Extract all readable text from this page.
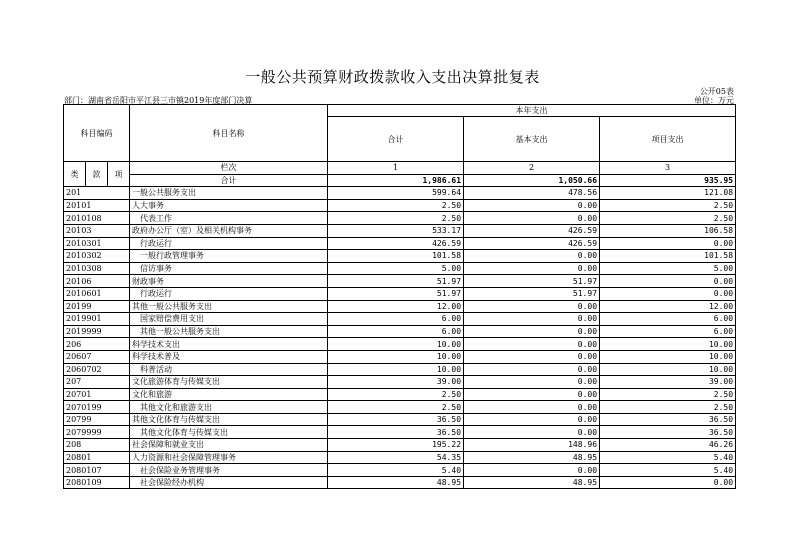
一般公共预算财政拨款收入支出决算批复表
公开05表
部门：湖南省岳阳市平江县三市镇2019年度部门决算	单位：万元
科目编码			科目名称	本年支出		
				合计	基本支出	项目支出
类	款	项	栏次	1	2	3
			合计	1,986.61	1,050.66	935.95
201			一般公共服务支出	599.64	478.56	121.08
20101			人大事务	2.50	0.00	2.50
2010108			代表工作	2.50	0.00	2.50
20103			政府办公厅（室）及相关机构事务	533.17	426.59	106.58
2010301			行政运行	426.59	426.59	0.00
2010302			一般行政管理事务	101.58	0.00	101.58
2010308			信访事务	5.00	0.00	5.00
20106			财政事务	51.97	51.97	0.00
2010601			行政运行	51.97	51.97	0.00
20199			其他一般公共服务支出	12.00	0.00	12.00
2019901			国家赔偿费用支出	6.00	0.00	6.00
2019999			其他一般公共服务支出	6.00	0.00	6.00
206			科学技术支出	10.00	0.00	10.00
20607			科学技术普及	10.00	0.00	10.00
2060702			科普活动	10.00	0.00	10.00
207			文化旅游体育与传媒支出	39.00	0.00	39.00
20701			文化和旅游	2.50	0.00	2.50
2070199			其他文化和旅游支出	2.50	0.00	2.50
20799			其他文化体育与传媒支出	36.50	0.00	36.50
2079999			其他文化体育与传媒支出	36.50	0.00	36.50
208			社会保障和就业支出	195.22	148.96	46.26
20801			人力资源和社会保障管理事务	54.35	48.95	5.40
2080107			社会保险业务管理事务	5.40	0.00	5.40
2080109			社会保险经办机构	48.95	48.95	0.00
